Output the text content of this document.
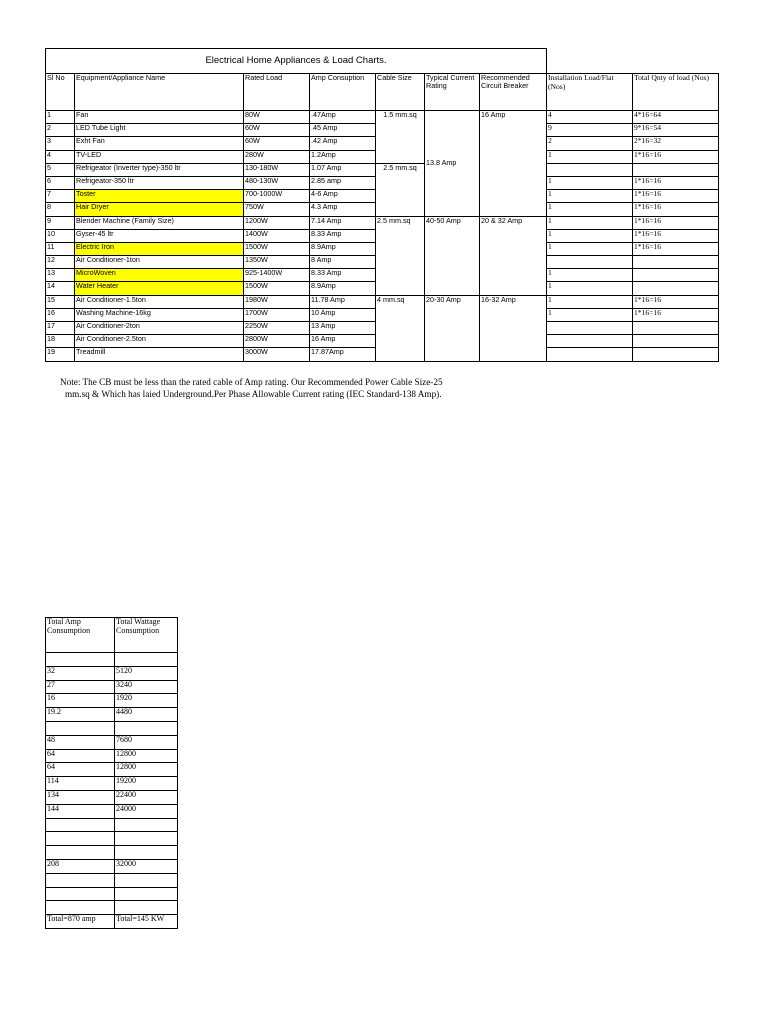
Electrical Home Appliances & Load Charts.								
Sl No	Equipment/Appliance Name	Rated Load	Amp Consuption	Cable Size	Typical Current Rating	Recommended Circuit Breaker	Installation Load/Flat (Nos)	Total Qnty of load (Nos)
1	Fan	80W	.47Amp	1.5 mm.sq	13.8 Amp	16 Amp	4	4*16=64
2	LED Tube Light	60W	.45 Amp				9	9*16=54
3	Exht Fan	60W	.42 Amp				2	2*16=32
4	TV-LED	280W	1.2Amp				1	1*16=16
5	Refrigeator (Inverter type)-350 ltr	130-180W	1.07 Amp	2.5 mm.sq				
6	Refrigeator-350 ltr	480-130W	2.85 amp				1	1*16=16
7	Toster	700-1000W	4-6 Amp				1	1*16=16
8	Hair Dryer	750W	4.3 Amp				1	1*16=16
9	Blender Machine (Family Size)	1200W	7.14 Amp	2.5 mm.sq	40-50 Amp	20 & 32 Amp	1	1*16=16
10	Gyser-45 ltr	1400W	8.33 Amp				1	1*16=16
11	Electric Iron	1500W	8.9Amp				1	1*16=16
12	Air Conditioner-1ton	1350W	8 Amp					
13	MicroWoven	925-1400W	8.33 Amp				1	
14	Water Heater	1500W	8.9Amp				1	
15	Air Conditioner-1.5ton	1980W	11.78 Amp	4 mm.sq	20-30 Amp	16-32 Amp	1	1*16=16
16	Washing Machine-16kg	1700W	10 Amp				1	1*16=16
17	Air Conditioner-2ton	2250W	13 Amp					
18	Air Conditioner-2.5ton	2800W	16 Amp					
19	Treadmill	3000W	17.87Amp					
Note: The CB must be less than the rated cable of Amp rating. Our Recommended Power Cable Size-25
mm.sq & Which has laied Underground.Per Phase Allowable Current rating (IEC Standard-138 Amp).
Total Amp Consumption	Total Wattage Consumption

32	5120
27	3240
16	1920
19.2	4480

48	7680
64	12800
64	12800
114	19200
134	22400
144	24000

208	32000

Total=870 amp	Total=145 KW
